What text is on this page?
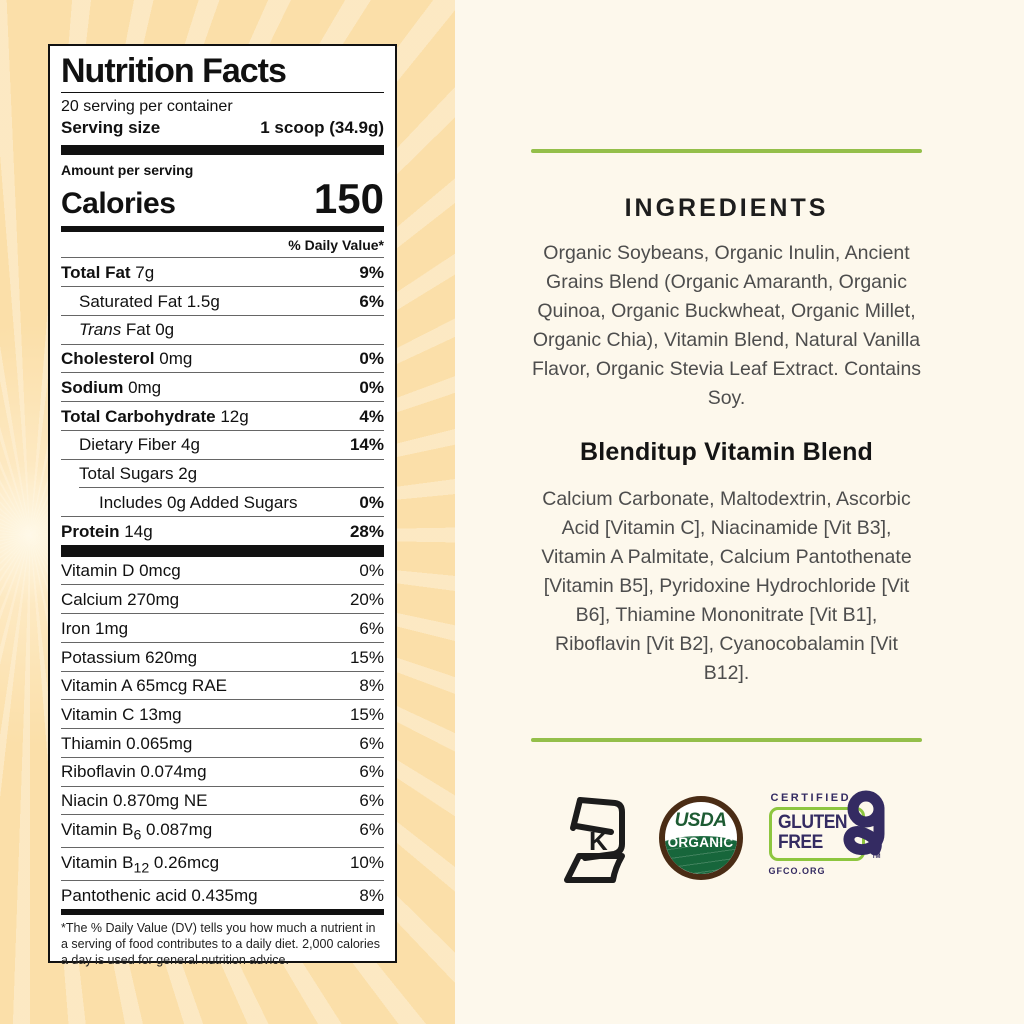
Nutrition Facts
20 serving per container
Serving size	1 scoop (34.9g)
Amount per serving
Calories	150
% Daily Value*
Total Fat 7g	9%
Saturated Fat 1.5g	6%
Trans Fat 0g
Cholesterol 0mg	0%
Sodium 0mg	0%
Total Carbohydrate 12g	4%
Dietary Fiber 4g	14%
Total Sugars 2g
Includes 0g Added Sugars	0%
Protein 14g	28%
Vitamin D 0mcg	0%
Calcium 270mg	20%
Iron 1mg	6%
Potassium 620mg	15%
Vitamin A 65mcg RAE	8%
Vitamin C 13mg	15%
Thiamin 0.065mg	6%
Riboflavin 0.074mg	6%
Niacin 0.870mg NE	6%
Vitamin $B_6$ 0.087mg	6%
Vitamin $B_{12}$ 0.26mcg	10%
Pantothenic acid 0.435mg	8%
*The % Daily Value (DV) tells you how much a nutrient in a serving of food contributes to a daily diet. 2,000 calories a day is used for general nutrition advice.
INGREDIENTS
Organic Soybeans, Organic Inulin, Ancient Grains Blend (Organic Amaranth, Organic Quinoa, Organic Buckwheat, Organic Millet, Organic Chia), Vitamin Blend, Natural Vanilla Flavor, Organic Stevia Leaf Extract. Contains Soy.
Blenditup Vitamin Blend
Calcium Carbonate, Maltodextrin, Ascorbic Acid [Vitamin C], Niacinamide [Vit B3], Vitamin A Palmitate, Calcium Pantothenate [Vitamin B5], Pyridoxine Hydrochloride [Vit B6], Thiamine Mononitrate [Vit B1], Riboflavin [Vit B2], Cyanocobalamin [Vit B12].
K
USDA
ORGANIC
CERTIFIED
GLUTEN
FREE
TM
GFCO.ORG
